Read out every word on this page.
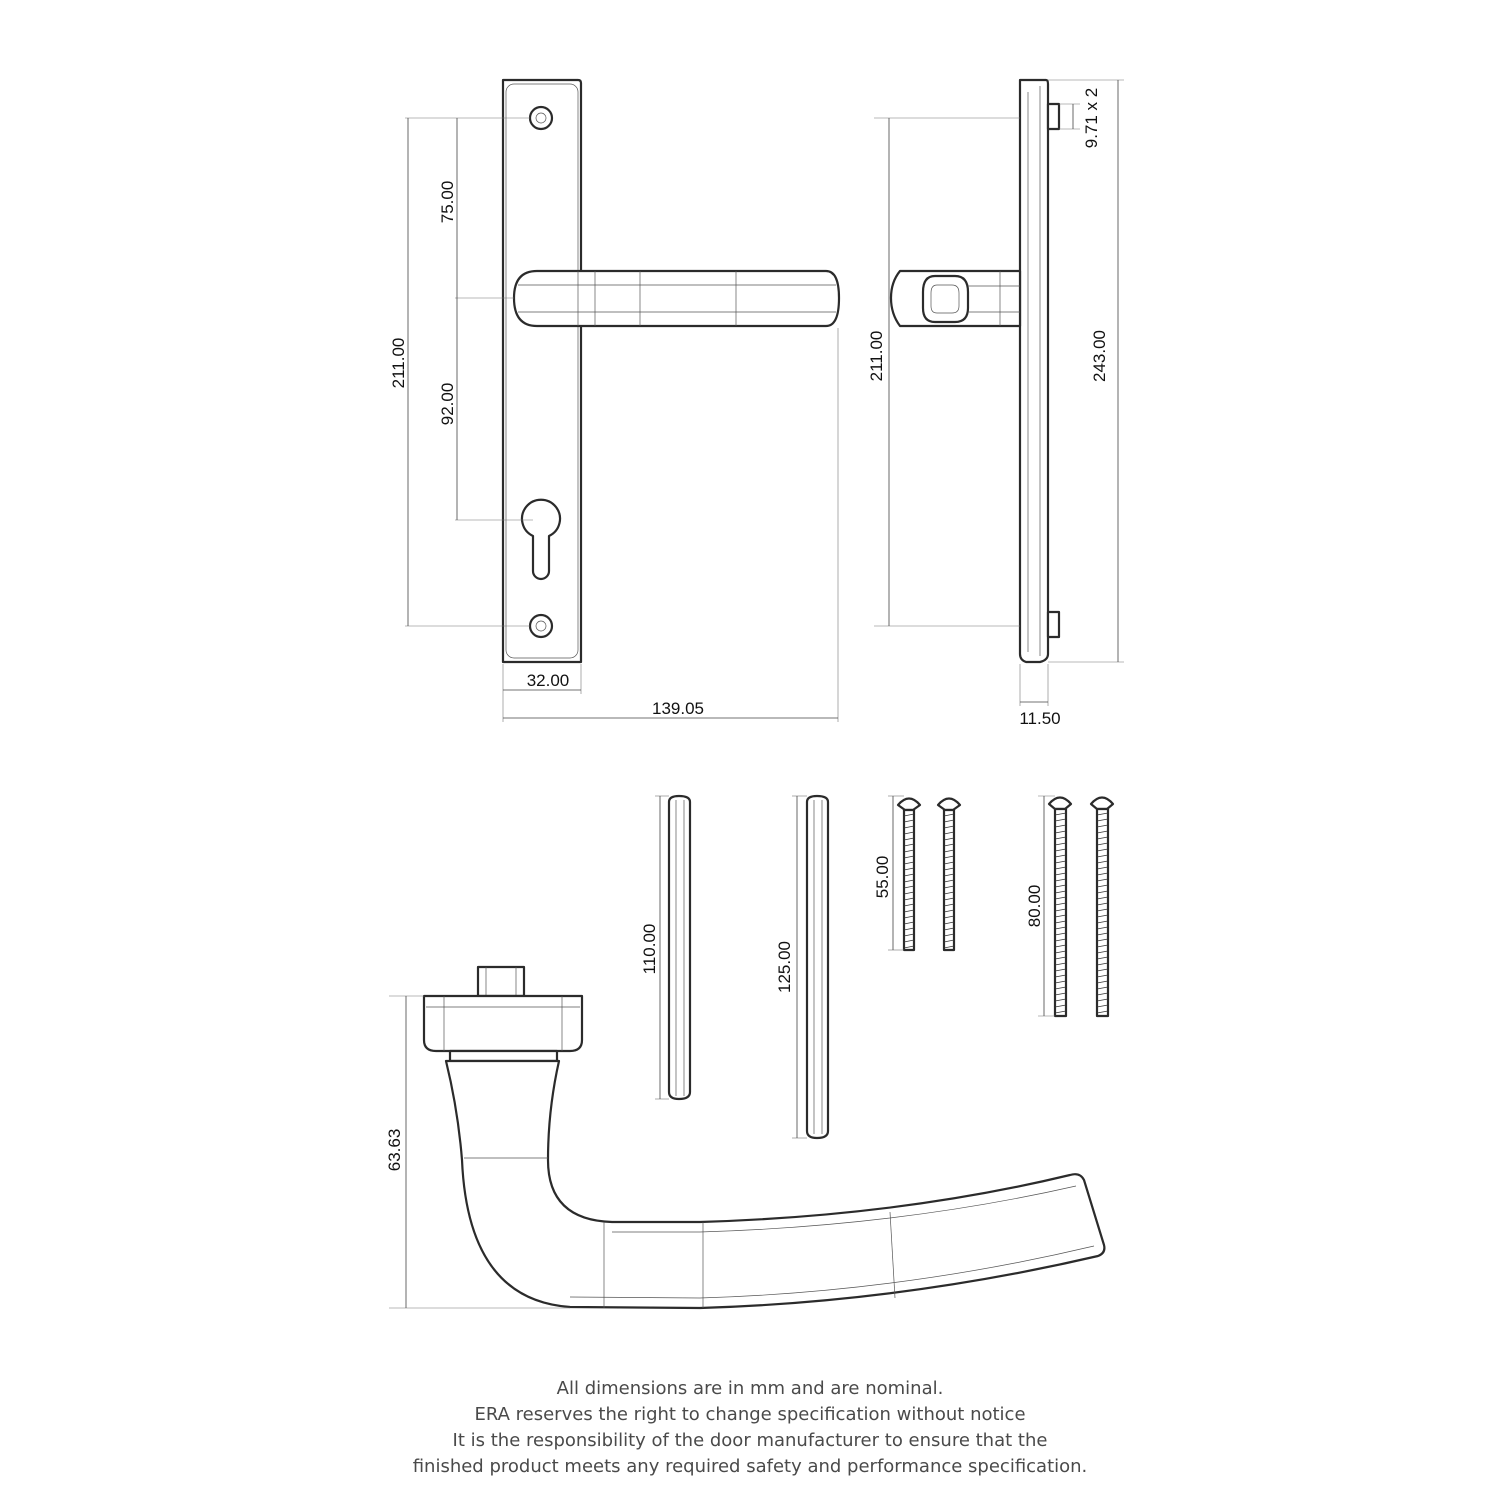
75.00
211.00
92.00
32.00
139.05
211.00	243.00
9.71 x 2
11.50
110.00	125.00
55.00
80.00
63.63
All dimensions are in mm and are nominal.
ERA reserves the right to change specification without notice
It is the responsibility of the door manufacturer to ensure that the
finished product meets any required safety and performance specification.
